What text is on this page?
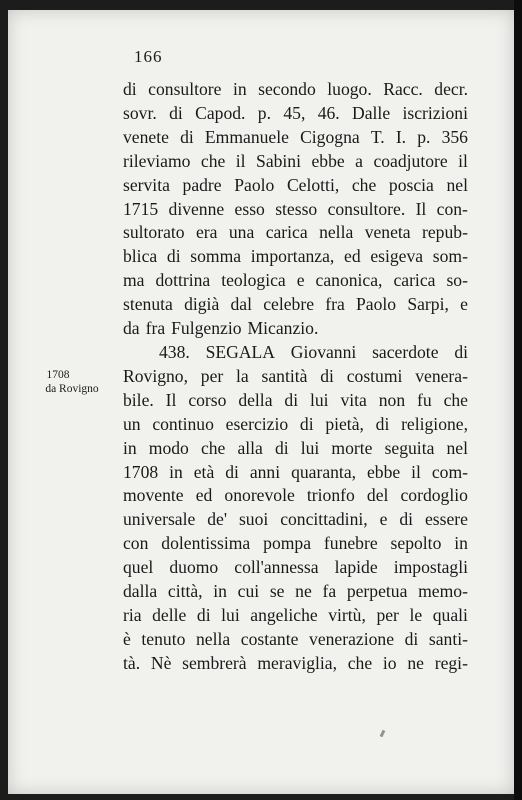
166
1708
da Rovigno
di consultore in secondo luogo. Racc. decr.
sovr. di Capod. p. 45, 46. Dalle iscrizioni
venete di Emmanuele Cigogna T. I. p. 356
rileviamo che il Sabini ebbe a coadjutore il
servita padre Paolo Celotti, che poscia nel
1715 divenne esso stesso consultore. Il con-
sultorato era una carica nella veneta repub-
blica di somma importanza, ed esigeva som-
ma dottrina teologica e canonica, carica so-
stenuta digià dal celebre fra Paolo Sarpi, e
da fra Fulgenzio Micanzio.
438. SEGALA Giovanni sacerdote di
Rovigno, per la santità di costumi venera-
bile. Il corso della di lui vita non fu che
un continuo esercizio di pietà, di religione,
in modo che alla di lui morte seguita nel
1708 in età di anni quaranta, ebbe il com-
movente ed onorevole trionfo del cordoglio
universale de' suoi concittadini, e di essere
con dolentissima pompa funebre sepolto in
quel duomo coll'annessa lapide impostagli
dalla città, in cui se ne fa perpetua memo-
ria delle di lui angeliche virtù, per le quali
è tenuto nella costante venerazione di santi-
tà. Nè sembrerà meraviglia, che io ne regi-
